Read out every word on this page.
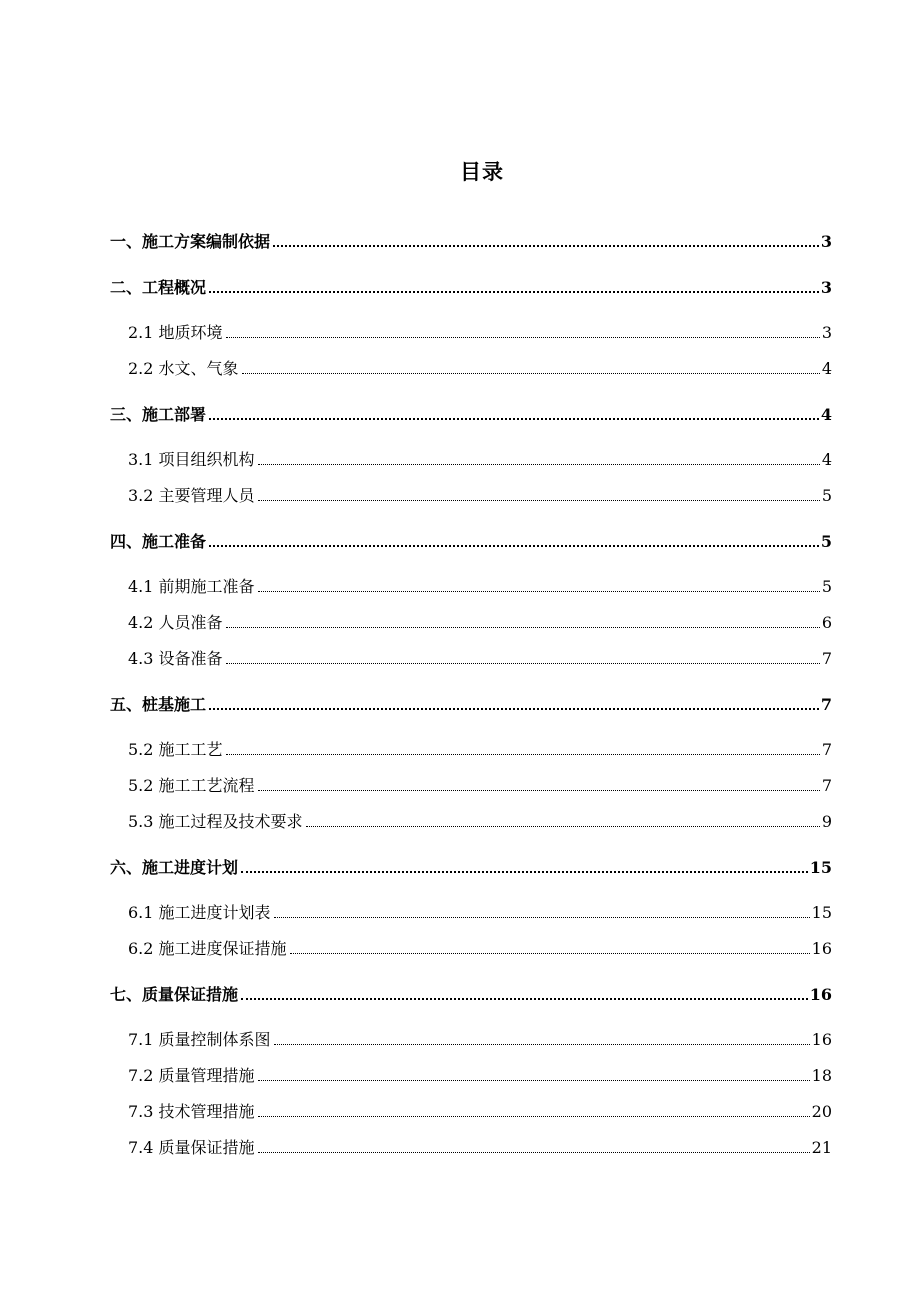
目录
一、施工方案编制依据	3
二、工程概况	3
2.1 地质环境	3
2.2 水文、气象	4
三、施工部署	4
3.1 项目组织机构	4
3.2 主要管理人员	5
四、施工准备	5
4.1 前期施工准备	5
4.2 人员准备	6
4.3 设备准备	7
五、桩基施工	7
5.2 施工工艺	7
5.2 施工工艺流程	7
5.3 施工过程及技术要求	9
六、施工进度计划	15
6.1 施工进度计划表	15
6.2 施工进度保证措施	16
七、质量保证措施	16
7.1 质量控制体系图	16
7.2 质量管理措施	18
7.3 技术管理措施	20
7.4 质量保证措施	21
